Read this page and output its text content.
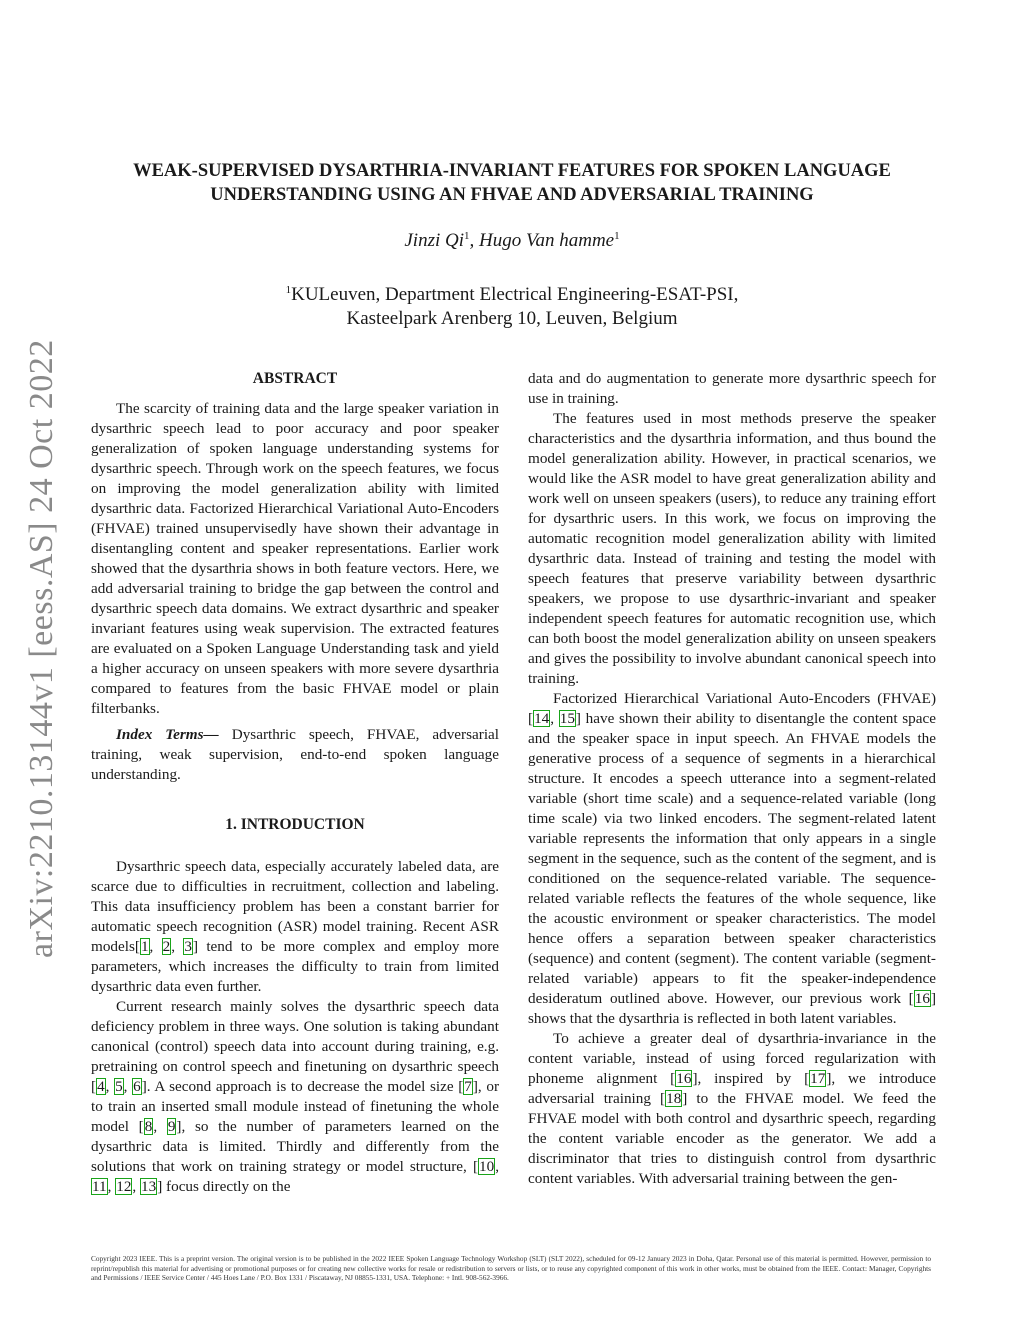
arXiv:2210.13144v1 [eess.AS] 24 Oct 2022
WEAK-SUPERVISED DYSARTHRIA-INVARIANT FEATURES FOR SPOKEN LANGUAGE
UNDERSTANDING USING AN FHVAE AND ADVERSARIAL TRAINING
Jinzi Qi$^1$, Hugo Van hamme$^1$
$^1$KULeuven, Department Electrical Engineering-ESAT-PSI,
Kasteelpark Arenberg 10, Leuven, Belgium
ABSTRACT

The scarcity of training data and the large speaker variation in dysarthric speech lead to poor accuracy and poor speaker generalization of spoken language understanding systems for dysarthric speech. Through work on the speech features, we focus on improving the model generalization ability with limited dysarthric data. Factorized Hierarchical Variational Auto-Encoders (FHVAE) trained unsupervisedly have shown their advantage in disentangling content and speaker representations. Earlier work showed that the dysarthria shows in both feature vectors. Here, we add adversarial training to bridge the gap between the control and dysarthric speech data domains. We extract dysarthric and speaker invariant features using weak supervision. The extracted features are evaluated on a Spoken Language Understanding task and yield a higher accuracy on unseen speakers with more severe dysarthria compared to features from the basic FHVAE model or plain filterbanks.

Index Terms— Dysarthric speech, FHVAE, adversarial training, weak supervision, end-to-end spoken language understanding.

1. INTRODUCTION

Dysarthric speech data, especially accurately labeled data, are scarce due to difficulties in recruitment, collection and labeling. This data insufficiency problem has been a constant barrier for automatic speech recognition (ASR) model training. Recent ASR models[1, 2, 3] tend to be more complex and employ more parameters, which increases the difficulty to train from limited dysarthric data even further.

Current research mainly solves the dysarthric speech data deficiency problem in three ways. One solution is taking abundant canonical (control) speech data into account during training, e.g. pretraining on control speech and finetuning on dysarthric speech [4, 5, 6]. A second approach is to decrease the model size [7], or to train an inserted small module instead of finetuning the whole model [8, 9], so the number of parameters learned on the dysarthric data is limited. Thirdly and differently from the solutions that work on training strategy or model structure, [10, 11, 12, 13] focus directly on the

data and do augmentation to generate more dysarthric speech for use in training.

The features used in most methods preserve the speaker characteristics and the dysarthria information, and thus bound the model generalization ability. However, in practical scenarios, we would like the ASR model to have great generalization ability and work well on unseen speakers (users), to reduce any training effort for dysarthric users. In this work, we focus on improving the automatic recognition model generalization ability with limited dysarthric data. Instead of training and testing the model with speech features that preserve variability between dysarthric speakers, we propose to use dysarthric-invariant and speaker independent speech features for automatic recognition use, which can both boost the model generalization ability on unseen speakers and gives the possibility to involve abundant canonical speech into training.

Factorized Hierarchical Variational Auto-Encoders (FHVAE) [14, 15] have shown their ability to disentangle the content space and the speaker space in input speech. An FHVAE models the generative process of a sequence of segments in a hierarchical structure. It encodes a speech utterance into a segment-related variable (short time scale) and a sequence-related variable (long time scale) via two linked encoders. The segment-related latent variable represents the information that only appears in a single segment in the sequence, such as the content of the segment, and is conditioned on the sequence-related variable. The sequence-related variable reflects the features of the whole sequence, like the acoustic environment or speaker characteristics. The model hence offers a separation between speaker characteristics (sequence) and content (segment). The content variable (segment-related variable) appears to fit the speaker-independence desideratum outlined above. However, our previous work [16] shows that the dysarthria is reflected in both latent variables.

To achieve a greater deal of dysarthria-invariance in the content variable, instead of using forced regularization with phoneme alignment [16], inspired by [17], we introduce adversarial training [18] to the FHVAE model. We feed the FHVAE model with both control and dysarthric speech, regarding the content variable encoder as the generator. We add a discriminator that tries to distinguish control from dysarthric content variables. With adversarial training between the gen-

Copyright 2023 IEEE. This is a preprint version. The original version is to be published in the 2022 IEEE Spoken Language Technology Workshop (SLT) (SLT 2022), scheduled for 09-12 January 2023 in Doha, Qatar. Personal use of this material is permitted. However, permission to reprint/republish this material for advertising or promotional purposes or for creating new collective works for resale or redistribution to servers or lists, or to reuse any copyrighted component of this work in other works, must be obtained from the IEEE. Contact: Manager, Copyrights and Permissions / IEEE Service Center / 445 Hoes Lane / P.O. Box 1331 / Piscataway, NJ 08855-1331, USA. Telephone: + Intl. 908-562-3966.
